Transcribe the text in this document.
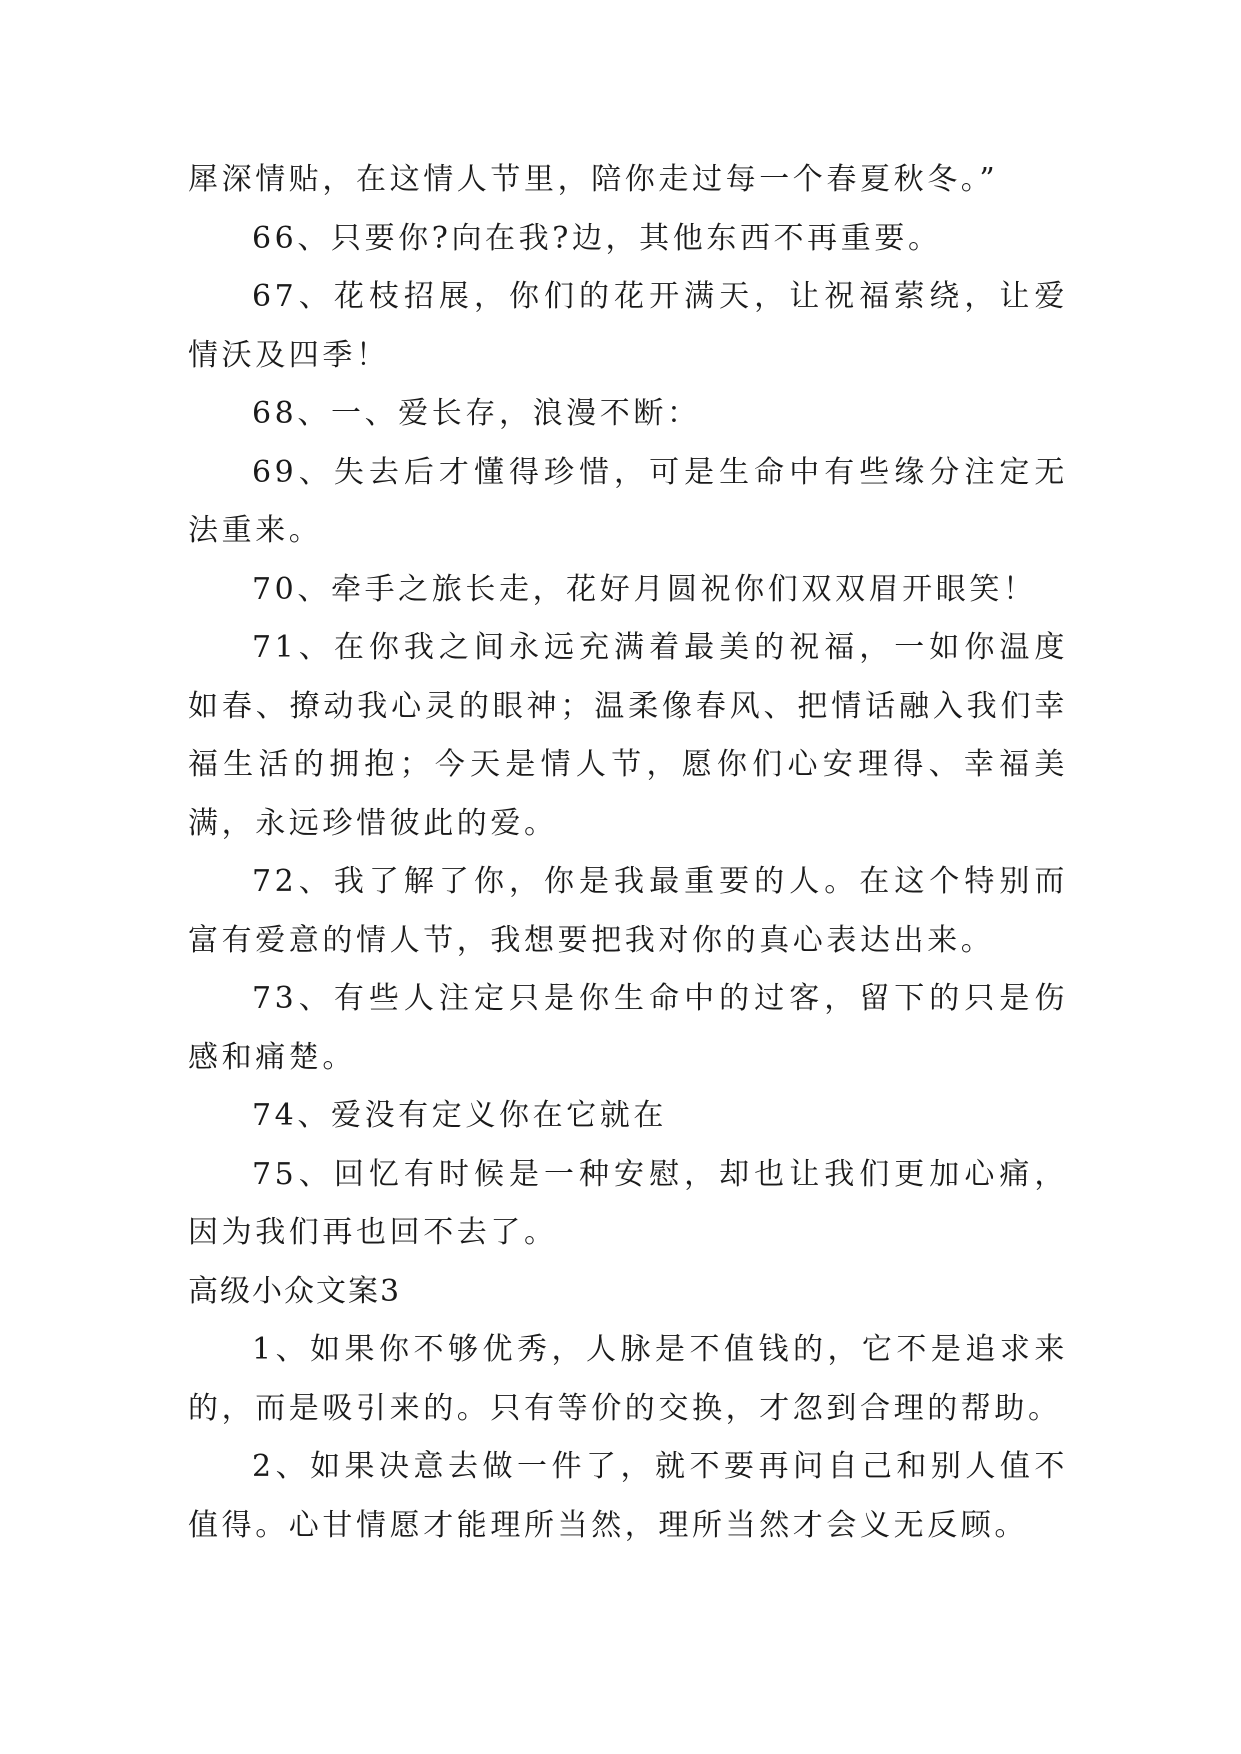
犀深情贴，在这情人节里，陪你走过每一个春夏秋冬。”

66、只要你?向在我?边，其他东西不再重要。

67、花枝招展，你们的花开满天，让祝福萦绕，让爱情沃及四季！

68、一、爱长存，浪漫不断：

69、失去后才懂得珍惜，可是生命中有些缘分注定无法重来。

70、牵手之旅长走，花好月圆祝你们双双眉开眼笑！

71、在你我之间永远充满着最美的祝福，一如你温度如春、撩动我心灵的眼神；温柔像春风、把情话融入我们幸福生活的拥抱；今天是情人节，愿你们心安理得、幸福美满，永远珍惜彼此的爱。

72、我了解了你，你是我最重要的人。在这个特别而富有爱意的情人节，我想要把我对你的真心表达出来。

73、有些人注定只是你生命中的过客，留下的只是伤感和痛楚。

74、爱没有定义你在它就在

75、回忆有时候是一种安慰，却也让我们更加心痛，因为我们再也回不去了。

高级小众文案3

1、如果你不够优秀，人脉是不值钱的，它不是追求来的，而是吸引来的。只有等价的交换，才忽到合理的帮助。

2、如果决意去做一件了，就不要再问自己和别人值不值得。心甘情愿才能理所当然，理所当然才会义无反顾。
